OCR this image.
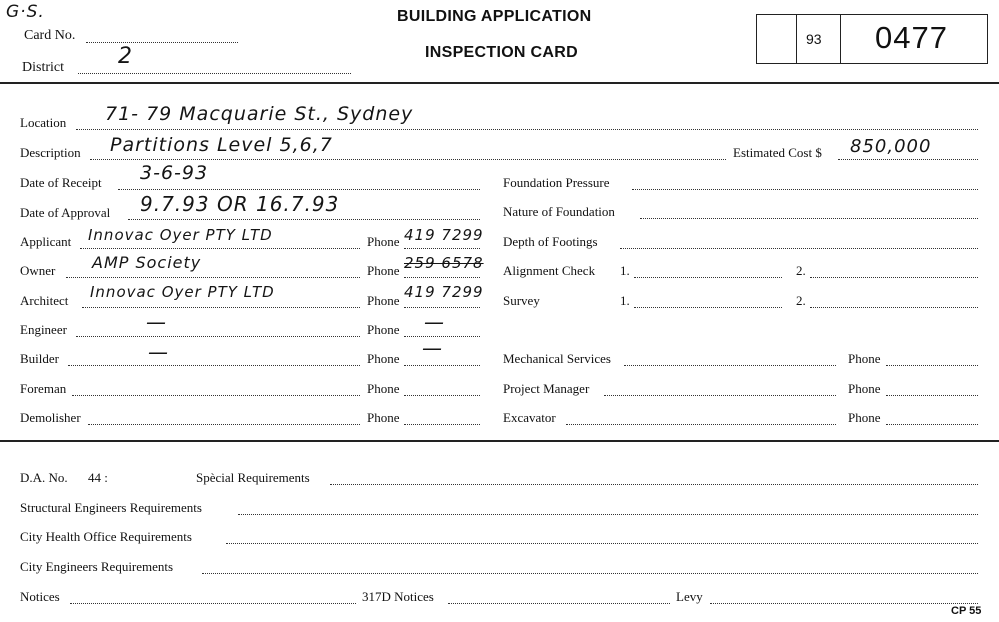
G·S.
Card No.
District 2
BUILDING APPLICATION
INSPECTION CARD
93 0477
Location 71- 79 Macquarie St., Sydney
Description Partitions Level 5,6,7	Estimated Cost $ 850,000
Date of Receipt 3-6-93
Date of Approval 9.7.93 OR 16.7.93
Applicant Innovac Oyer PTY LTD	Phone 419 7299
Owner AMP Society	Phone 259 6578
Architect Innovac Oyer PTY LTD	Phone 419 7299
Engineer	—	Phone —
Builder	—	Phone —
Foreman	Phone
Demolisher	Phone
Foundation Pressure
Nature of Foundation
Depth of Footings
Alignment Check 1.	2.
Survey	1.	2.
Mechanical Services	Phone
Project Manager	Phone
Excavator	Phone
D.A. No. 44 :	Spècial Requirements
Structural Engineers Requirements
City Health Office Requirements
City Engineers Requirements
Notices	317D Notices	Levy
CP 55
